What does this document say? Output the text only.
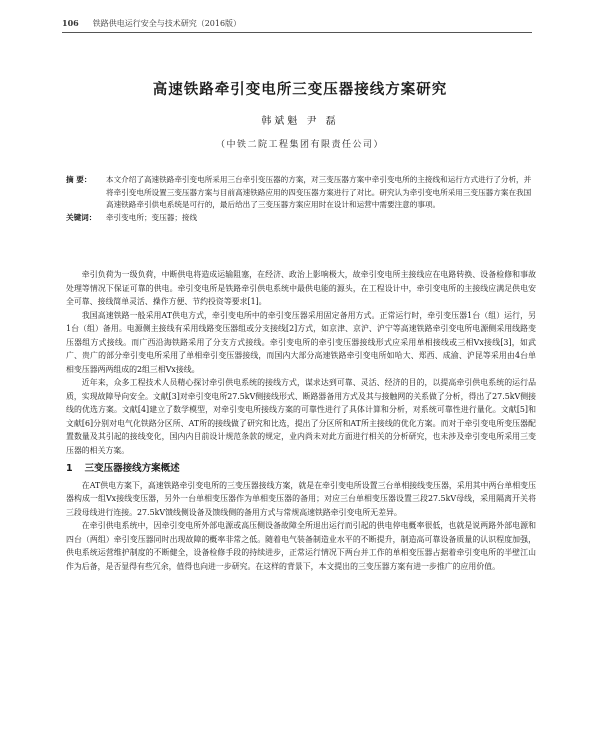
106 铁路供电运行安全与技术研究（2016版）
高速铁路牵引变电所三变压器接线方案研究
韩斌魁 尹 磊
（中铁二院工程集团有限责任公司）
摘 要：	本文介绍了高速铁路牵引变电所采用三台牵引变压器的方案，对三变压器方案中牵引变电所的主接线和运行方式进行了分析，并将牵引变电所设置三变压器方案与目前高速铁路应用的四变压器方案进行了对比。研究认为牵引变电所采用三变压器方案在我国高速铁路牵引供电系统是可行的，最后给出了三变压器方案应用时在设计和运营中需要注意的事项。
关键词：	牵引变电所；变压器；接线

牵引负荷为一级负荷，中断供电将造成运输阻塞，在经济、政治上影响极大，故牵引变电所主接线应在电路转换、设备检修和事故处理等情况下保证可靠的供电。牵引变电所是铁路牵引供电系统中最供电能的源头，在工程设计中，牵引变电所的主接线应满足供电安全可靠、接线简单灵活、操作方便、节约投资等要求[1]。

我国高速铁路一般采用AT供电方式，牵引变电所中的牵引变压器采用固定备用方式。正常运行时，牵引变压器1台（组）运行，另1台（组）备用。电源侧主接线有采用线路变压器组或分支接线[2]方式，如京津、京沪、沪宁等高速铁路牵引变电所电源侧采用线路变压器组方式接线。而广西沿海铁路采用了分支方式接线。牵引变电所的牵引变压器接线形式应采用单相接线或三相Vx接线[3]，如武广、贵广的部分牵引变电所采用了单相牵引变压器接线，而国内大部分高速铁路牵引变电所如哈大、郑西、成渝、沪昆等采用由4台单相变压器两两组成的2组三相Vx接线。

近年来，众多工程技术人员精心探讨牵引供电系统的接线方式，谋求达到可靠、灵活、经济的目的，以提高牵引供电系统的运行品质，实现故障导向安全。文献[3]对牵引变电所27.5kV侧接线形式、断路器备用方式及其与接触网的关系做了分析，得出了27.5kV侧接线的优选方案。文献[4]建立了数学模型，对牵引变电所接线方案的可靠性进行了具体计算和分析，对系统可靠性进行量化。文献[5]和文献[6]分别对电气化铁路分区所、AT所的接线做了研究和比选，提出了分区所和AT所主接线的优化方案。而对于牵引变电所变压器配置数量及其引起的接线变化，国内内目前设计规范条款的规定，业内尚未对此方面进行相关的分析研究，也未涉及牵引变电所采用三变压器的相关方案。

1 三变压器接线方案概述

在AT供电方案下，高速铁路牵引变电所的三变压器接线方案，就是在牵引变电所设置三台单相接线变压器，采用其中两台单相变压器构成一组Vx接线变压器，另外一台单相变压器作为单相变压器的备用；对应三台单相变压器设置三段27.5kV母线，采用隔离开关将三段母线进行连接。27.5kV馈线侧设备及馈线侧的备用方式与常规高速铁路牵引变电所无差异。

在牵引供电系统中，因牵引变电所外部电源或高压侧设备故障全所退出运行而引起的供电停电概率很低，也就是说两路外部电源和四台（两组）牵引变压器同时出现故障的概率非常之低。随着电气装备制造业水平的不断提升，制造高可靠设备质量的认识程度加强，供电系统运营维护制度的不断健全，设备检修手段的持续进步，正常运行情况下两台并工作的单相变压器占据着牵引变电所的半壁江山作为后备，是否显得有些冗余，值得也向进一步研究。在这样的背景下，本文提出的三变压器方案有进一步推广的应用价值。
